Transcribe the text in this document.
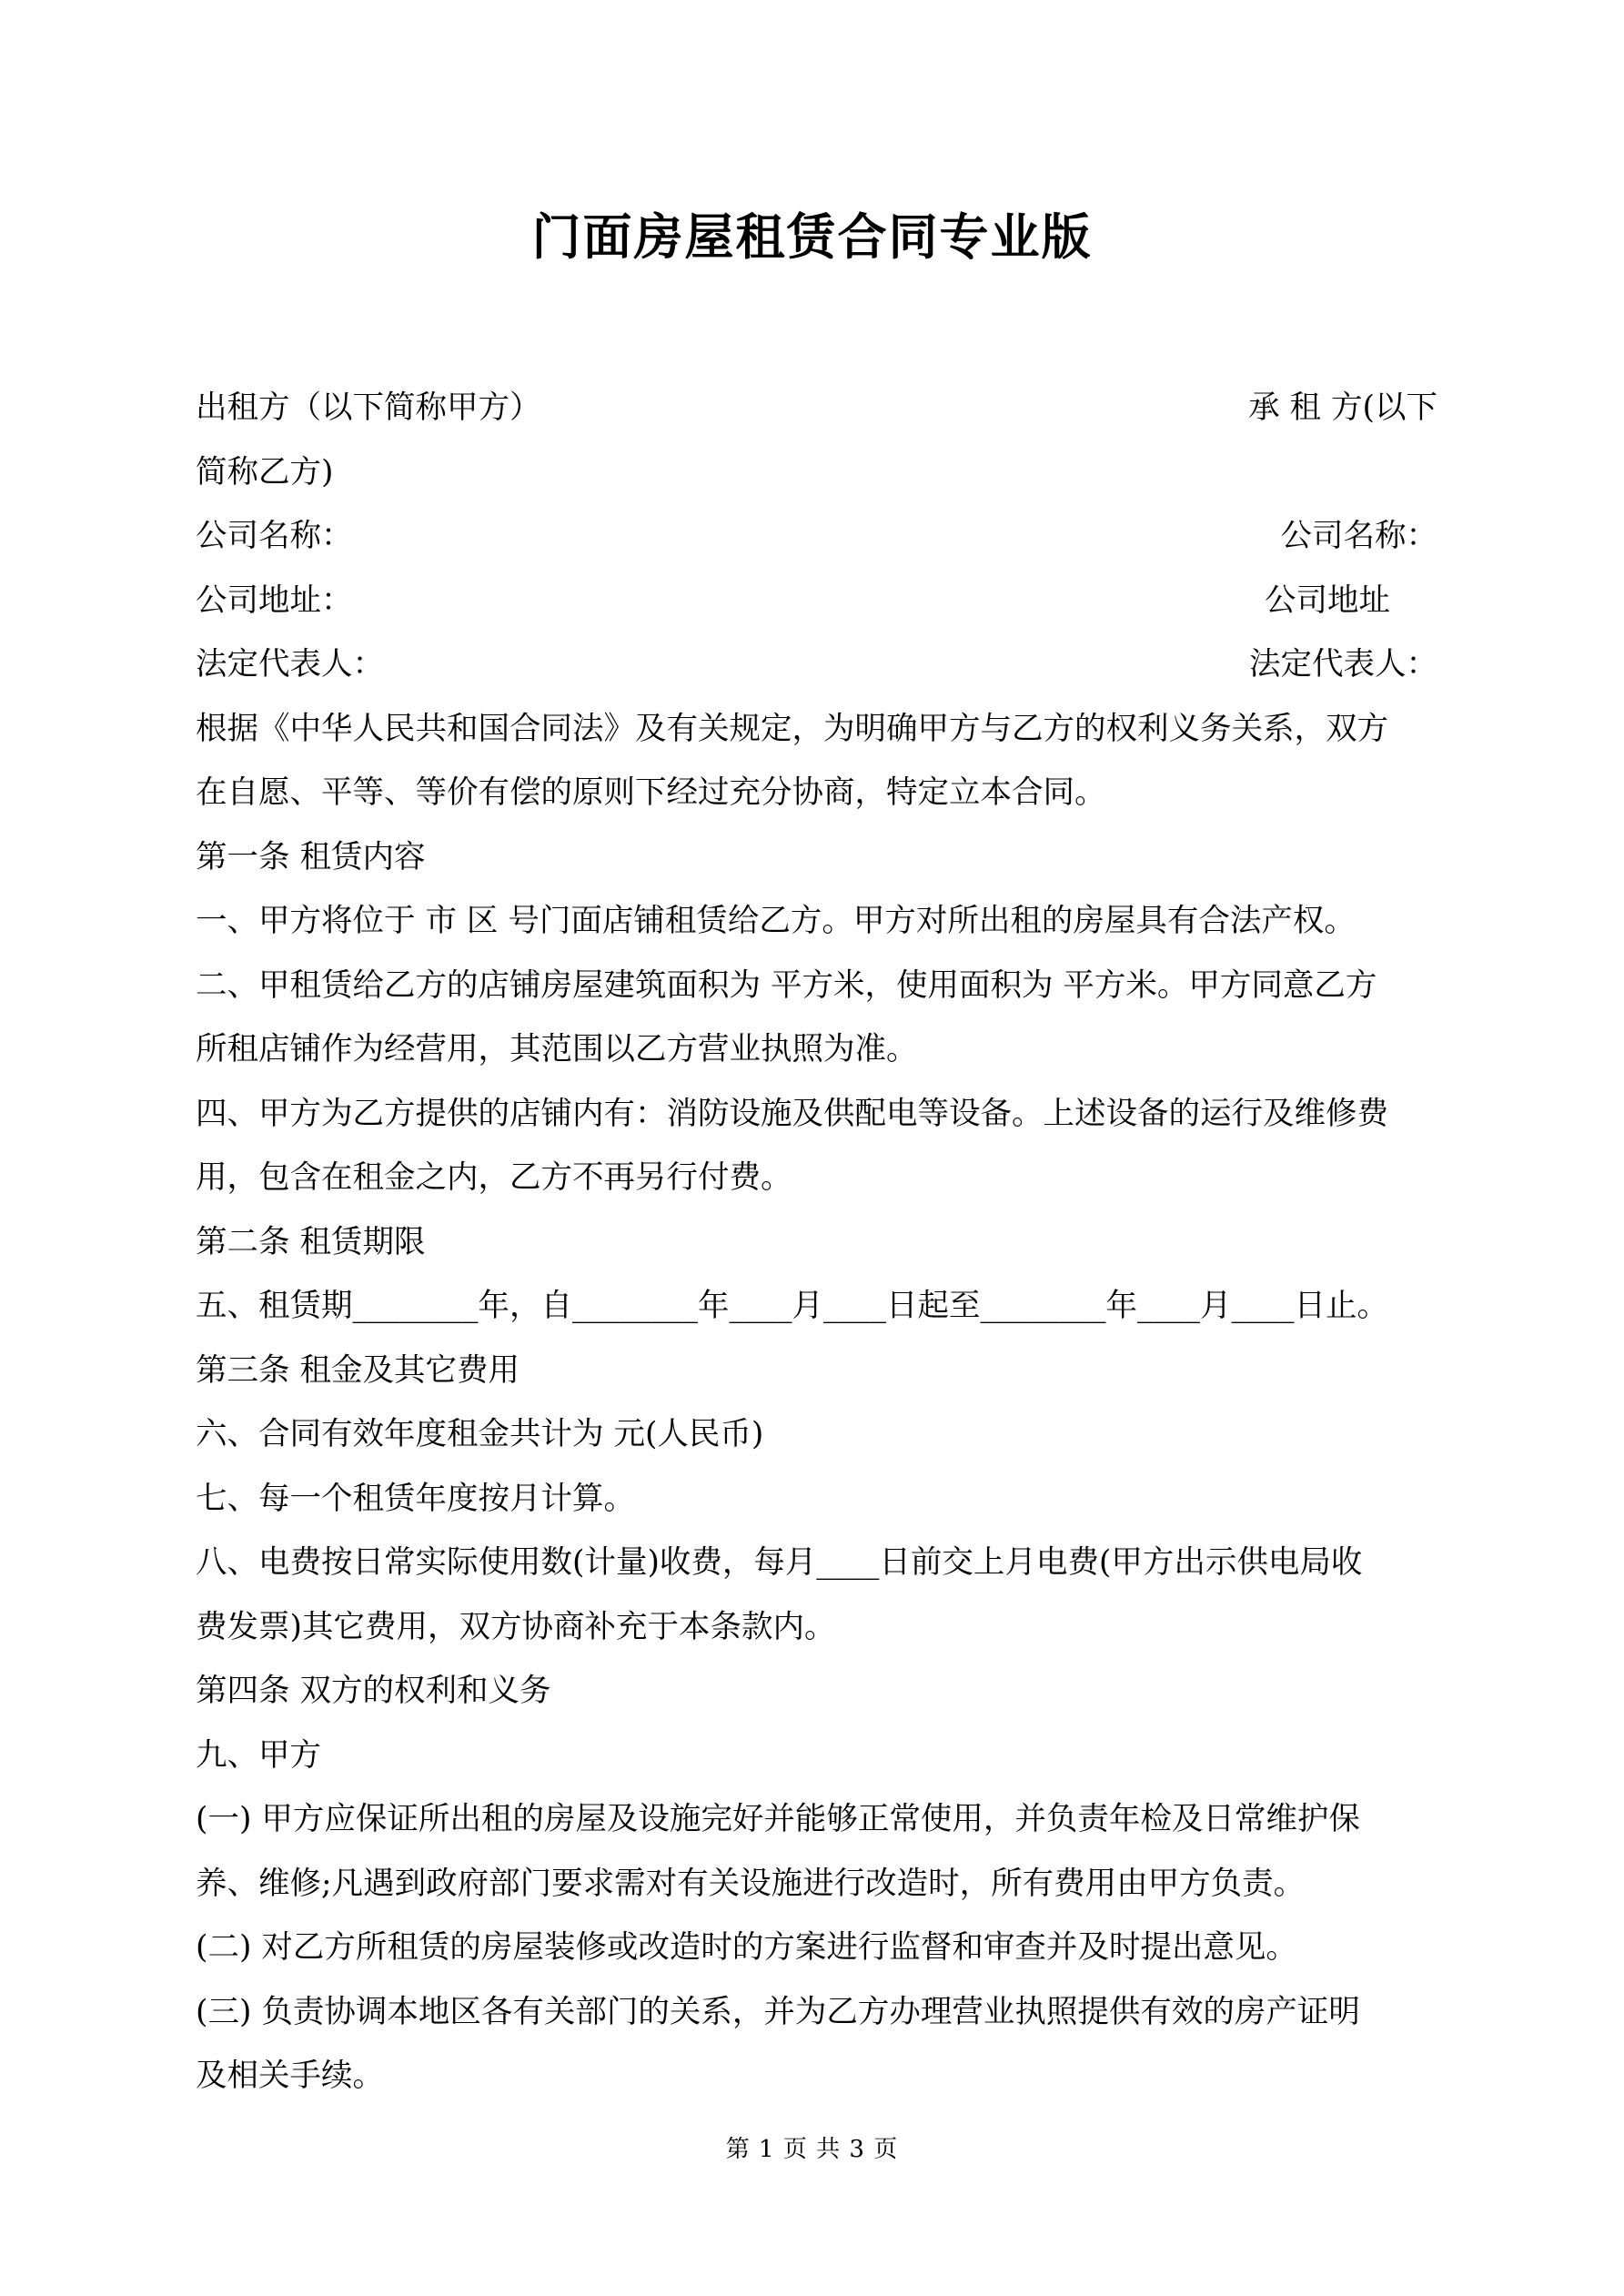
门面房屋租赁合同专业版
出租方（以下简称甲方）	承 租 方(以下
简称乙方)
公司名称：	公司名称：
公司地址：	公司地址
法定代表人：	法定代表人：
根据《中华人民共和国合同法》及有关规定，为明确甲方与乙方的权利义务关系，双方
在自愿、平等、等价有偿的原则下经过充分协商，特定立本合同。
第一条 租赁内容
一、甲方将位于 市 区 号门面店铺租赁给乙方。甲方对所出租的房屋具有合法产权。
二、甲租赁给乙方的店铺房屋建筑面积为 平方米，使用面积为 平方米。甲方同意乙方
所租店铺作为经营用，其范围以乙方营业执照为准。
四、甲方为乙方提供的店铺内有：消防设施及供配电等设备。上述设备的运行及维修费
用，包含在租金之内，乙方不再另行付费。
第二条 租赁期限
五、租赁期________年，自________年____月____日起至________年____月____日止。
第三条 租金及其它费用
六、合同有效年度租金共计为 元(人民币)
七、每一个租赁年度按月计算。
八、电费按日常实际使用数(计量)收费，每月____日前交上月电费(甲方出示供电局收
费发票)其它费用，双方协商补充于本条款内。
第四条 双方的权利和义务
九、甲方
(一) 甲方应保证所出租的房屋及设施完好并能够正常使用，并负责年检及日常维护保
养、维修;凡遇到政府部门要求需对有关设施进行改造时，所有费用由甲方负责。
(二) 对乙方所租赁的房屋装修或改造时的方案进行监督和审查并及时提出意见。
(三) 负责协调本地区各有关部门的关系，并为乙方办理营业执照提供有效的房产证明
及相关手续。
第 1 页 共 3 页
